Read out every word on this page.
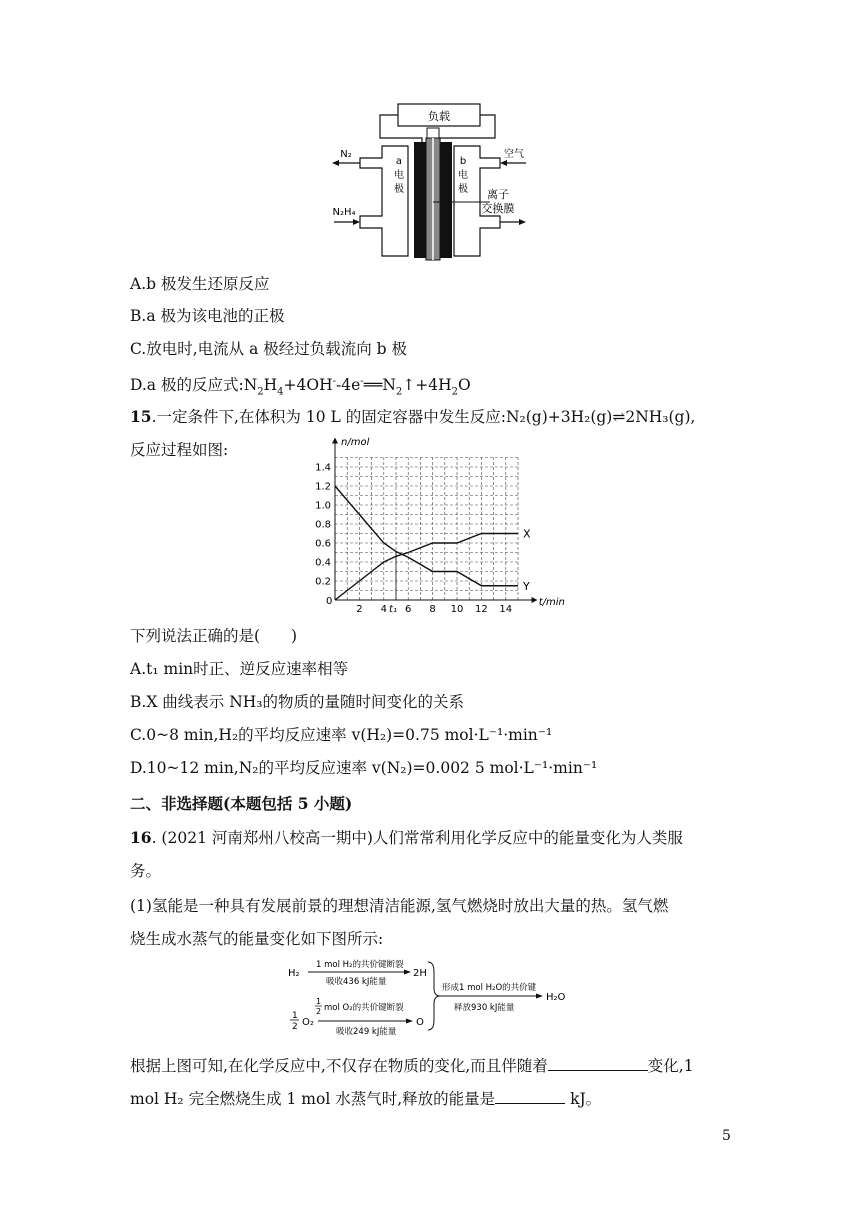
负载
a
电
极
b
电
极 离子
交换膜
N₂
N₂H₄
空气
A.b 极发生还原反应
B.a 极为该电池的正极
C.放电时,电流从 a 极经过负载流向 b 极
D.a 极的反应式$:N_2H_4+4OH^--4e^-══N_2↑+4H_2O$
15.一定条件下,在体积为 10 L 的固定容器中发生反应:N₂(g)+3H₂(g)⇌2NH₃(g),
反应过程如图:	n/mol
t/min
0
0.2
0.4
0.6
0.8
1.0
1.2
1.4
2 4 6 8 10 12 14
t₁
X
Y
下列说法正确的是(　　)
A.t₁ min时正、逆反应速率相等
B.X 曲线表示 NH₃的物质的量随时间变化的关系
C.0~8 min,H₂的平均反应速率 v(H₂)=0.75 mol·L⁻¹·min⁻¹
D.10~12 min,N₂的平均反应速率 v(N₂)=0.002 5 mol·L⁻¹·min⁻¹
二、非选择题(本题包括 5 小题)
16. (2021 河南郑州八校高一期中)人们常常利用化学反应中的能量变化为人类服
务。
(1)氢能是一种具有发展前景的理想清洁能源,氢气燃烧时放出大量的热。氢气燃
烧生成水蒸气的能量变化如下图所示:
H₂
1 mol H₂的共价键断裂
吸收436 kJ能量
2H
1
2 O₂
1
2 mol O₂的共价键断裂
吸收249 kJ能量
O
形成1 mol H₂O的共价键
释放930 kJ能量
H₂O
根据上图可知,在化学反应中,不仅存在物质的变化,而且伴随着	变化,1
mol H₂ 完全燃烧生成 1 mol 水蒸气时,释放的能量是	kJ。
5
